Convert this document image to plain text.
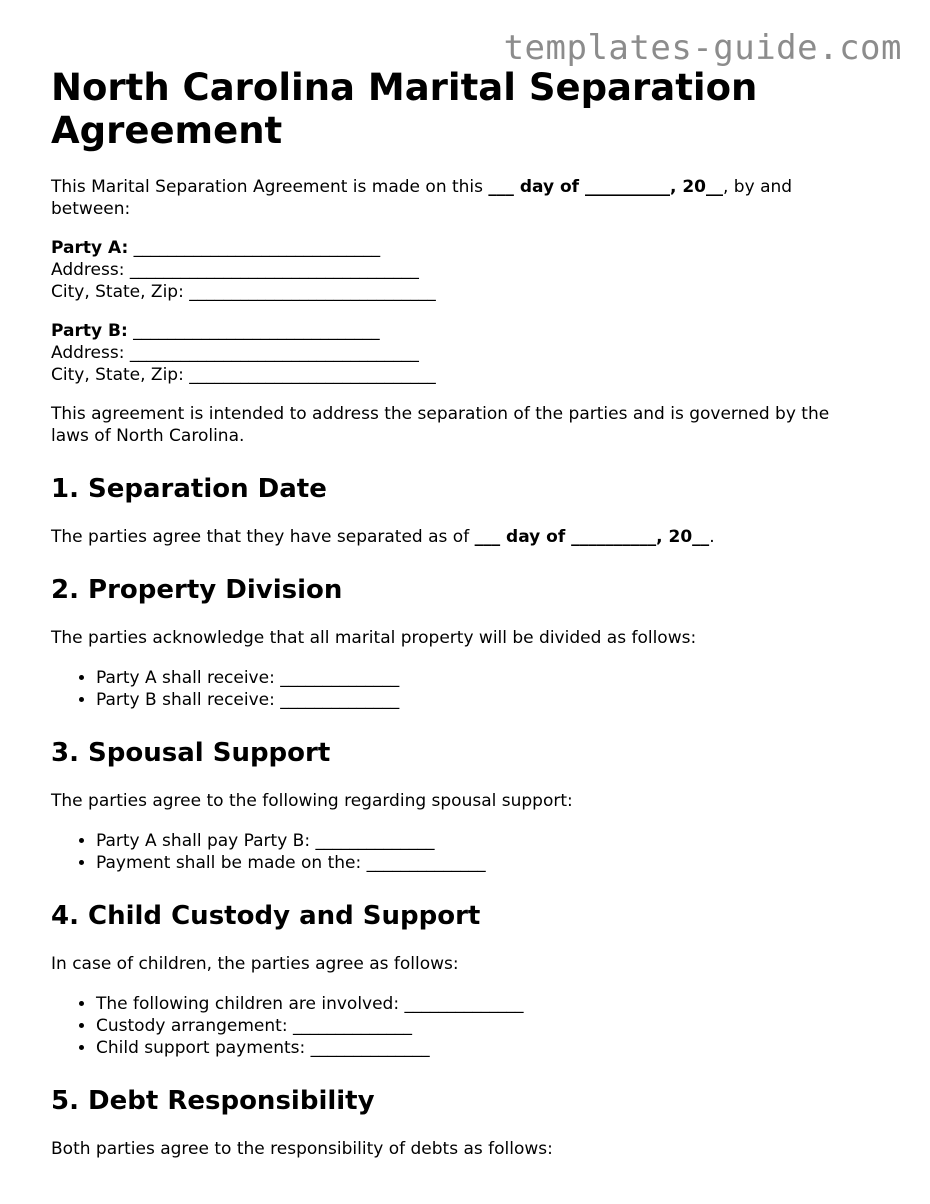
templates-guide.com
North Carolina Marital Separation Agreement

This Marital Separation Agreement is made on this ___ day of __________, 20__, by and between:

Party A: _____________________________
Address: __________________________________
City, State, Zip: _____________________________
Party B: _____________________________
Address: __________________________________
City, State, Zip: _____________________________

This agreement is intended to address the separation of the parties and is governed by the laws of North Carolina.

1. Separation Date

The parties agree that they have separated as of ___ day of __________, 20__.

2. Property Division

The parties acknowledge that all marital property will be divided as follows:

• Party A shall receive: ______________
• Party B shall receive: ______________
3. Spousal Support

The parties agree to the following regarding spousal support:

• Party A shall pay Party B: ______________
• Payment shall be made on the: ______________
4. Child Custody and Support

In case of children, the parties agree as follows:

• The following children are involved: ______________
• Custody arrangement: ______________
• Child support payments: ______________
5. Debt Responsibility

Both parties agree to the responsibility of debts as follows:
